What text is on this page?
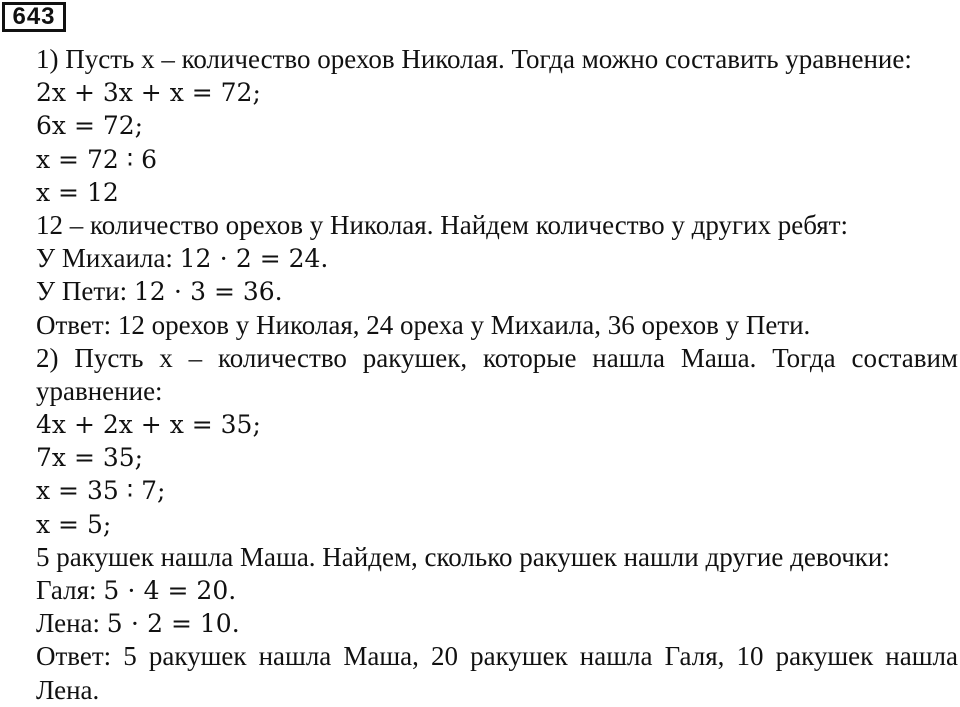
643
1) Пусть x – количество орехов Николая. Тогда можно составить уравнение:
2x + 3x + x = 72;
6x = 72;
x = 72 ∶ 6
x = 12
12 – количество орехов у Николая. Найдем количество у других ребят:
У Михаила: 12 ⋅ 2 = 24.
У Пети: 12 ⋅ 3 = 36.
Ответ: 12 орехов у Николая, 24 ореха у Михаила, 36 орехов у Пети.
2) Пусть x – количество ракушек, которые нашла Маша. Тогда составим
уравнение:
4x + 2x + x = 35;
7x = 35;
x = 35 ∶ 7;
x = 5;
5 ракушек нашла Маша. Найдем, сколько ракушек нашли другие девочки:
Галя: 5 ⋅ 4 = 20.
Лена: 5 ⋅ 2 = 10.
Ответ: 5 ракушек нашла Маша, 20 ракушек нашла Галя, 10 ракушек нашла
Лена.
